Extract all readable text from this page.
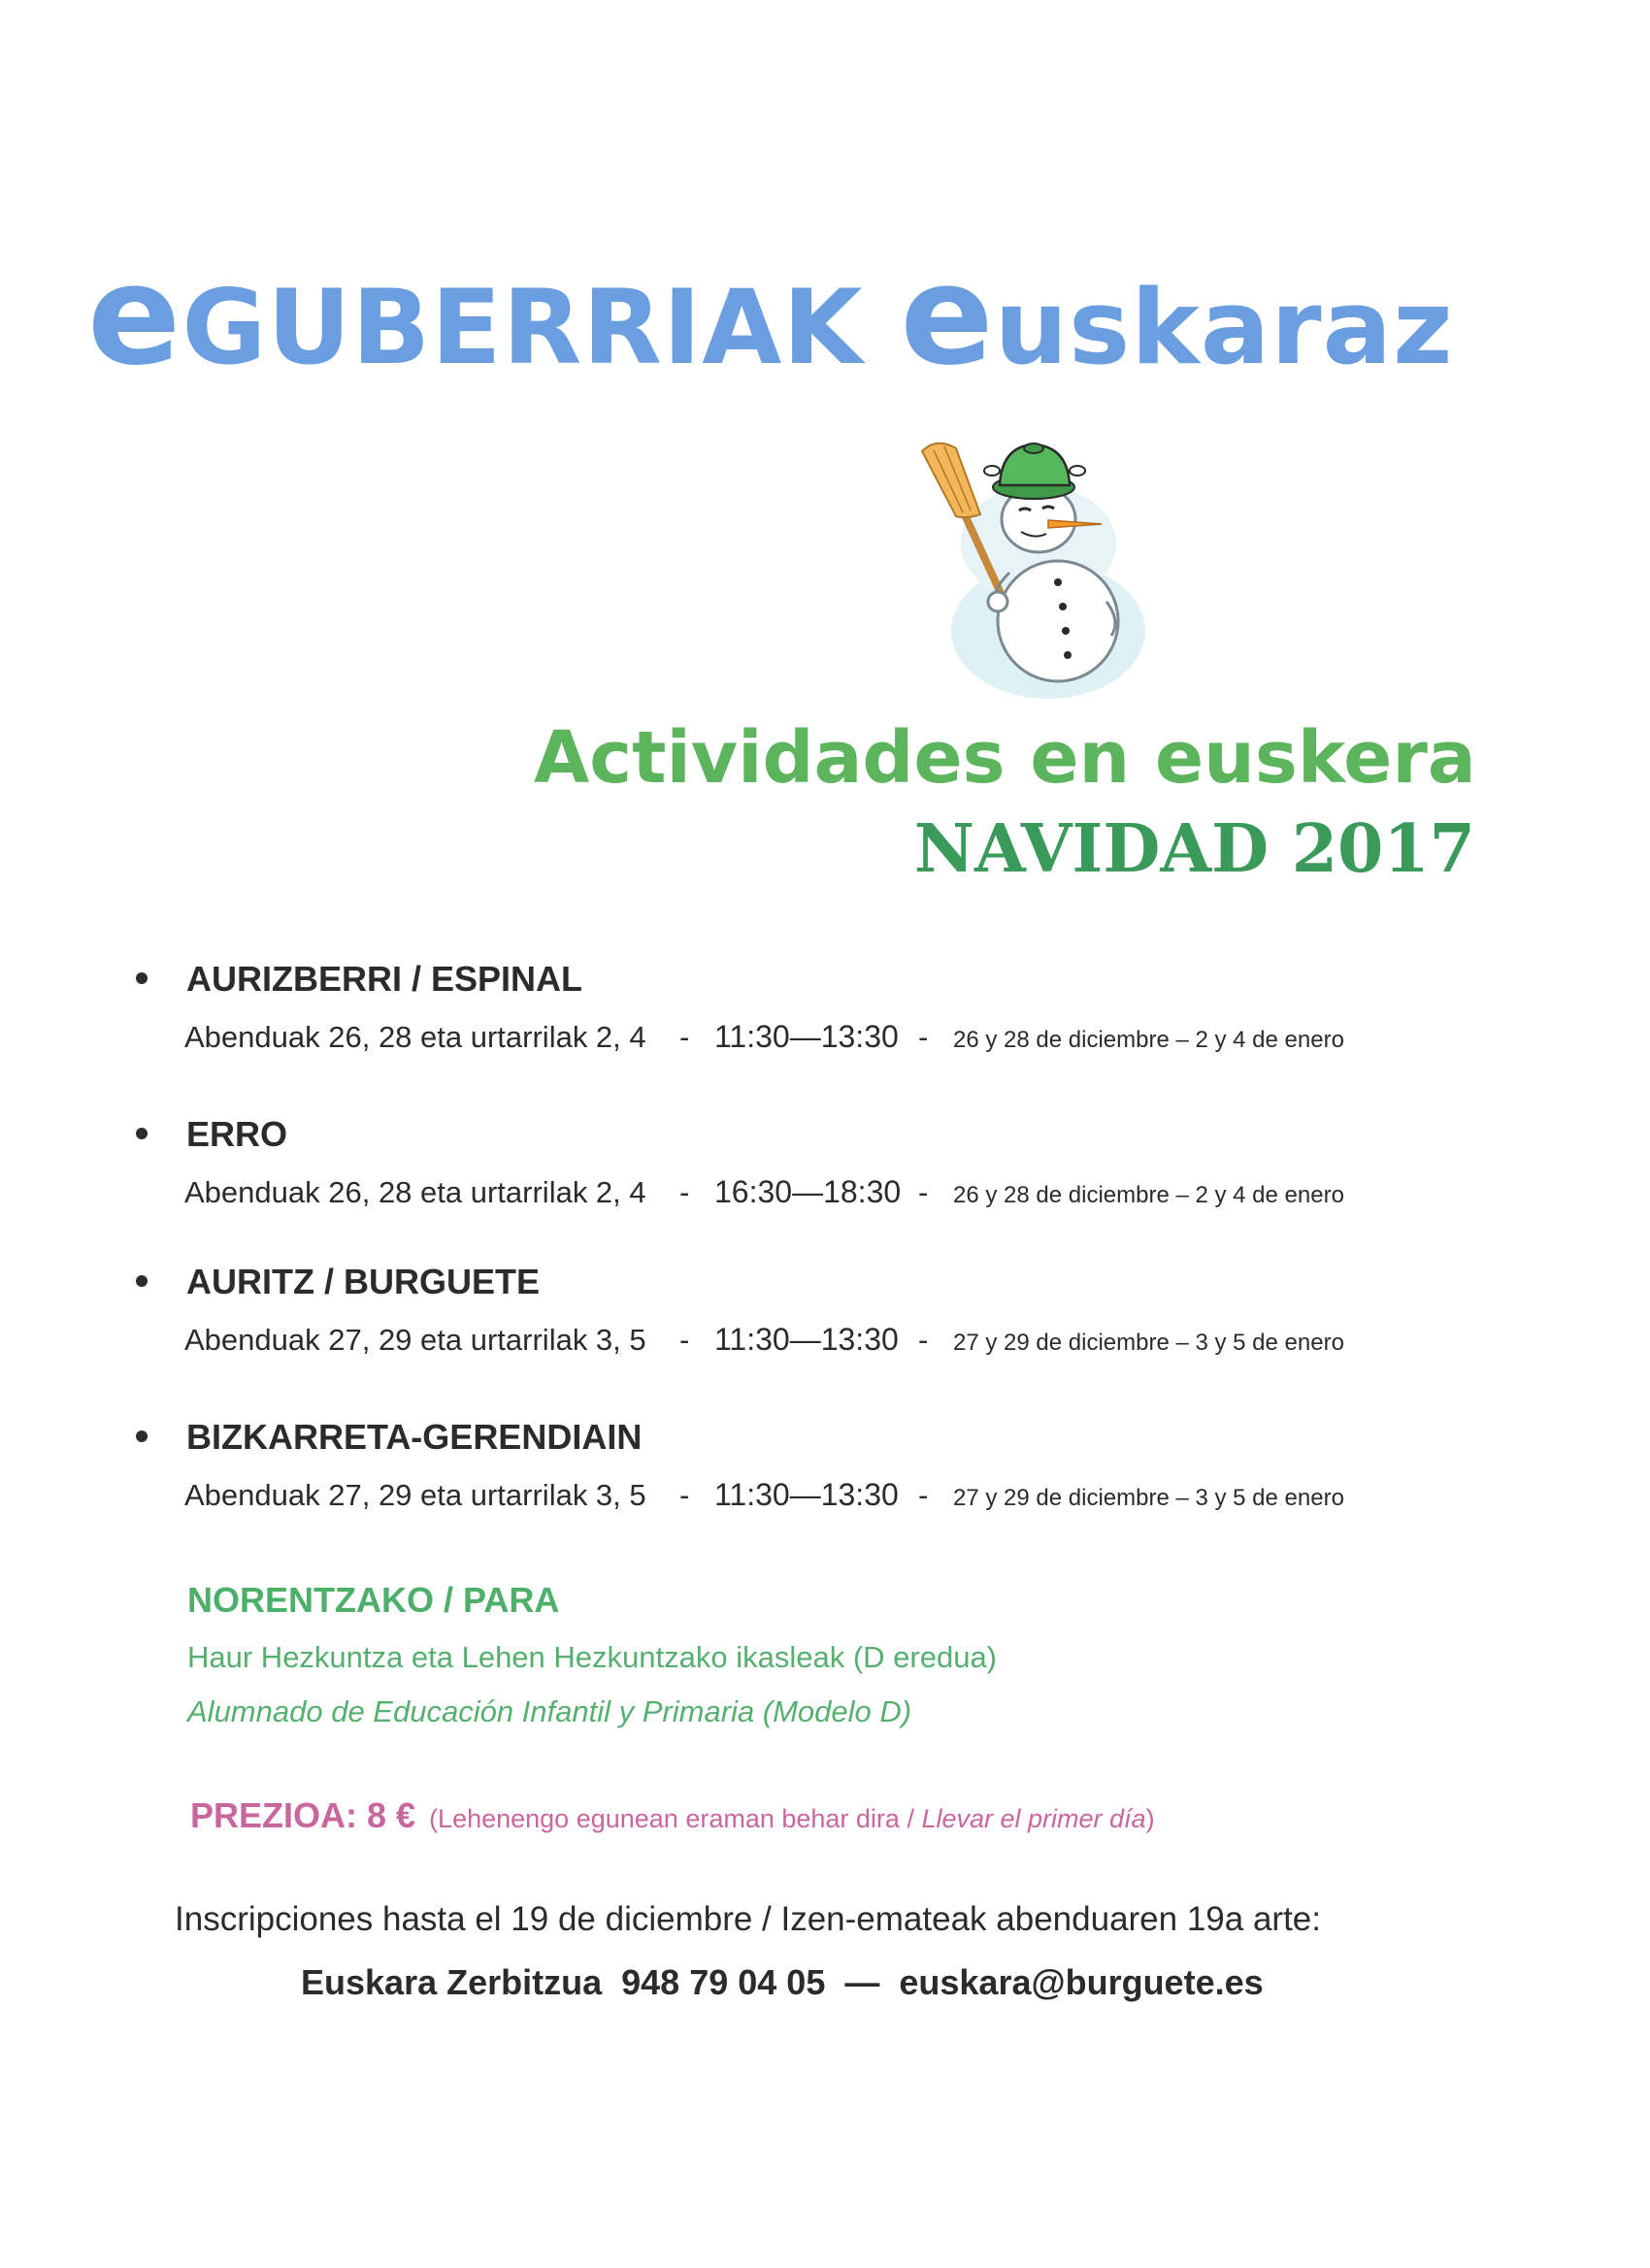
eGUBERRIAK euskaraz
Actividades en euskera
NAVIDAD 2017
AURIZBERRI / ESPINAL
Abenduak 26, 28 eta urtarrilak 2, 4 - 11:30—13:30 - 26 y 28 de diciembre – 2 y 4 de enero
ERRO
Abenduak 26, 28 eta urtarrilak 2, 4 - 16:30—18:30 - 26 y 28 de diciembre – 2 y 4 de enero
AURITZ / BURGUETE
Abenduak 27, 29 eta urtarrilak 3, 5 - 11:30—13:30 - 27 y 29 de diciembre – 3 y 5 de enero
BIZKARRETA-GERENDIAIN
Abenduak 27, 29 eta urtarrilak 3, 5 - 11:30—13:30 - 27 y 29 de diciembre – 3 y 5 de enero
NORENTZAKO / PARA
Haur Hezkuntza eta Lehen Hezkuntzako ikasleak (D eredua)
Alumnado de Educación Infantil y Primaria (Modelo D)
PREZIOA: 8 € (Lehenengo egunean eraman behar dira / Llevar el primer día)
Inscripciones hasta el 19 de diciembre / Izen-emateak abenduaren 19a arte:
Euskara Zerbitzua 948 79 04 05 — euskara@burguete.es
